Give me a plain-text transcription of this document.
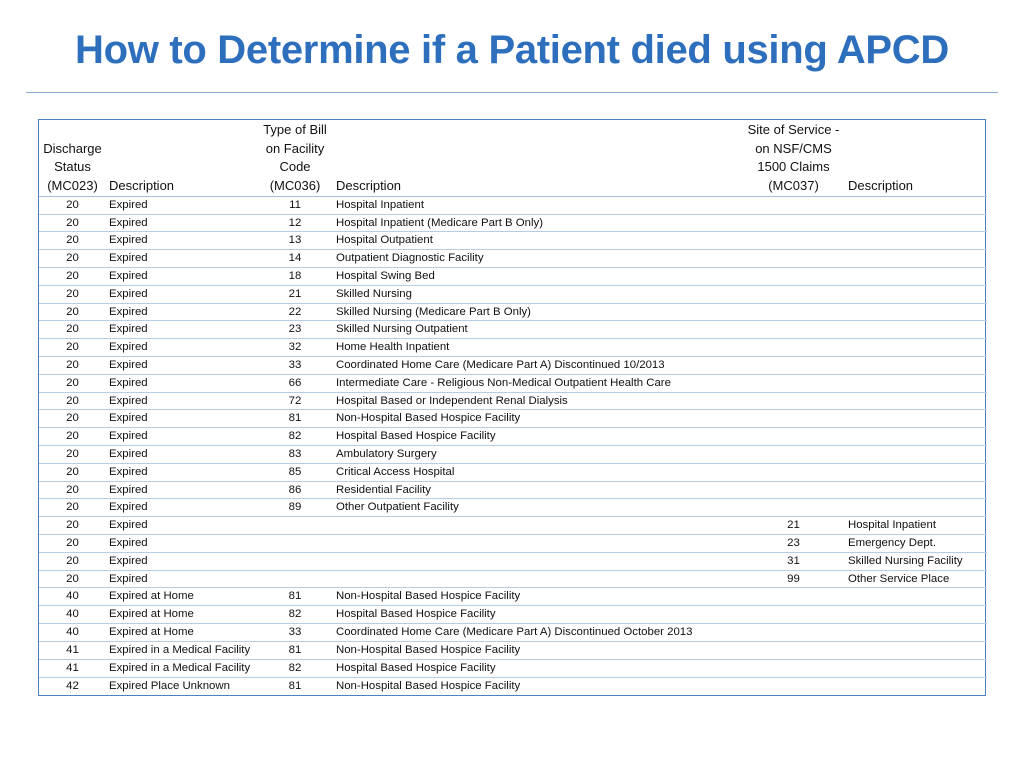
How to Determine if a Patient died using APCD
Discharge Status (MC023)	Description	Type of Bill on Facility Code (MC036)	Description	Site of Service - on NSF/CMS 1500 Claims (MC037)	Description
20	Expired	11	Hospital Inpatient		
20	Expired	12	Hospital Inpatient (Medicare Part B Only)		
20	Expired	13	Hospital Outpatient		
20	Expired	14	Outpatient Diagnostic Facility		
20	Expired	18	Hospital Swing Bed		
20	Expired	21	Skilled Nursing		
20	Expired	22	Skilled Nursing (Medicare Part B Only)		
20	Expired	23	Skilled Nursing Outpatient		
20	Expired	32	Home Health Inpatient		
20	Expired	33	Coordinated Home Care (Medicare Part A) Discontinued 10/2013		
20	Expired	66	Intermediate Care - Religious Non-Medical Outpatient Health Care		
20	Expired	72	Hospital Based or Independent Renal Dialysis		
20	Expired	81	Non-Hospital Based Hospice Facility		
20	Expired	82	Hospital Based Hospice Facility		
20	Expired	83	Ambulatory Surgery		
20	Expired	85	Critical Access Hospital		
20	Expired	86	Residential Facility		
20	Expired	89	Other Outpatient Facility		
20	Expired			21	Hospital Inpatient
20	Expired			23	Emergency Dept.
20	Expired			31	Skilled Nursing Facility
20	Expired			99	Other Service Place
40	Expired at Home	81	Non-Hospital Based Hospice Facility		
40	Expired at Home	82	Hospital Based Hospice Facility		
40	Expired at Home	33	Coordinated Home Care (Medicare Part A) Discontinued October 2013		
41	Expired in a Medical Facility	81	Non-Hospital Based Hospice Facility		
41	Expired in a Medical Facility	82	Hospital Based Hospice Facility		
42	Expired Place Unknown	81	Non-Hospital Based Hospice Facility		
